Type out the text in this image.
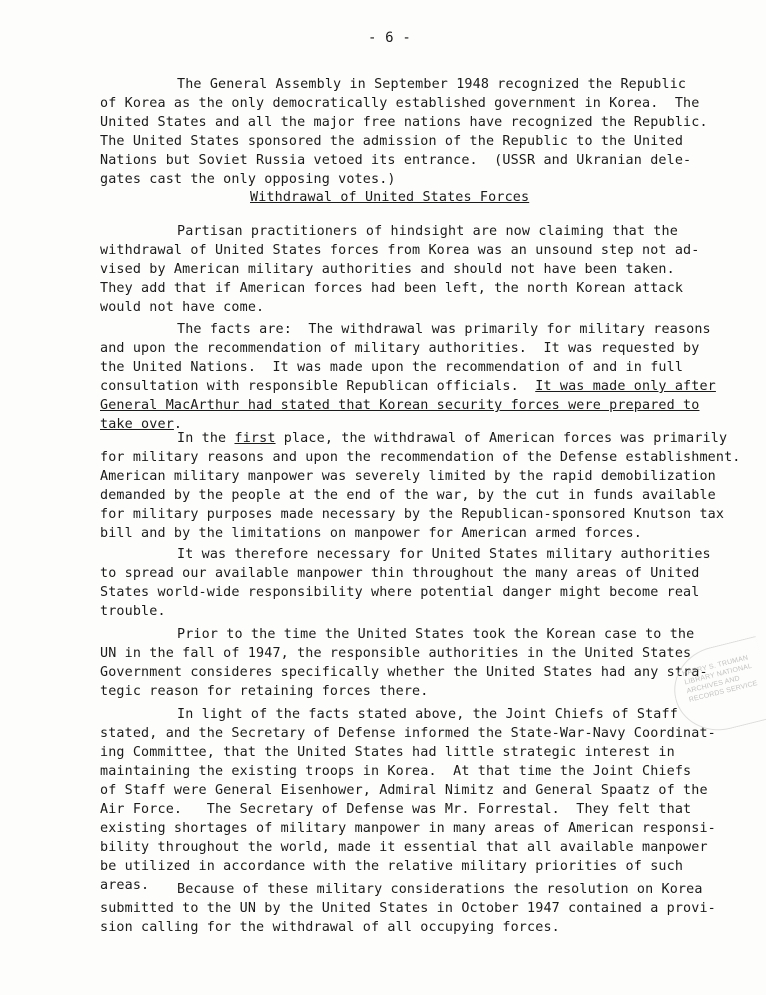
- 6 -
The General Assembly in September 1948 recognized the Republic
of Korea as the only democratically established government in Korea.  The
United States and all the major free nations have recognized the Republic.
The United States sponsored the admission of the Republic to the United
Nations but Soviet Russia vetoed its entrance.  (USSR and Ukranian dele-
gates cast the only opposing votes.)
Withdrawal of United States Forces
Partisan practitioners of hindsight are now claiming that the
withdrawal of United States forces from Korea was an unsound step not ad-
vised by American military authorities and should not have been taken.
They add that if American forces had been left, the north Korean attack
would not have come.
The facts are:  The withdrawal was primarily for military reasons
and upon the recommendation of military authorities.  It was requested by
the United Nations.  It was made upon the recommendation of and in full
consultation with responsible Republican officials.  It was made only after
General MacArthur had stated that Korean security forces were prepared to
take over.
In the first place, the withdrawal of American forces was primarily
for military reasons and upon the recommendation of the Defense establishment.
American military manpower was severely limited by the rapid demobilization
demanded by the people at the end of the war, by the cut in funds available
for military purposes made necessary by the Republican-sponsored Knutson tax
bill and by the limitations on manpower for American armed forces.
It was therefore necessary for United States military authorities
to spread our available manpower thin throughout the many areas of United
States world-wide responsibility where potential danger might become real
trouble.
Prior to the time the United States took the Korean case to the
UN in the fall of 1947, the responsible authorities in the United States
Government consideres specifically whether the United States had any stra-
tegic reason for retaining forces there.
In light of the facts stated above, the Joint Chiefs of Staff
stated, and the Secretary of Defense informed the State-War-Navy Coordinat-
ing Committee, that the United States had little strategic interest in
maintaining the existing troops in Korea.  At that time the Joint Chiefs
of Staff were General Eisenhower, Admiral Nimitz and General Spaatz of the
Air Force.   The Secretary of Defense was Mr. Forrestal.  They felt that
existing shortages of military manpower in many areas of American responsi-
bility throughout the world, made it essential that all available manpower
be utilized in accordance with the relative military priorities of such
areas.	Because of these military considerations the resolution on Korea
submitted to the UN by the United States in October 1947 contained a provi-
sion calling for the withdrawal of all occupying forces.
HARRY S. TRUMAN LIBRARY NATIONAL ARCHIVES AND RECORDS SERVICE
